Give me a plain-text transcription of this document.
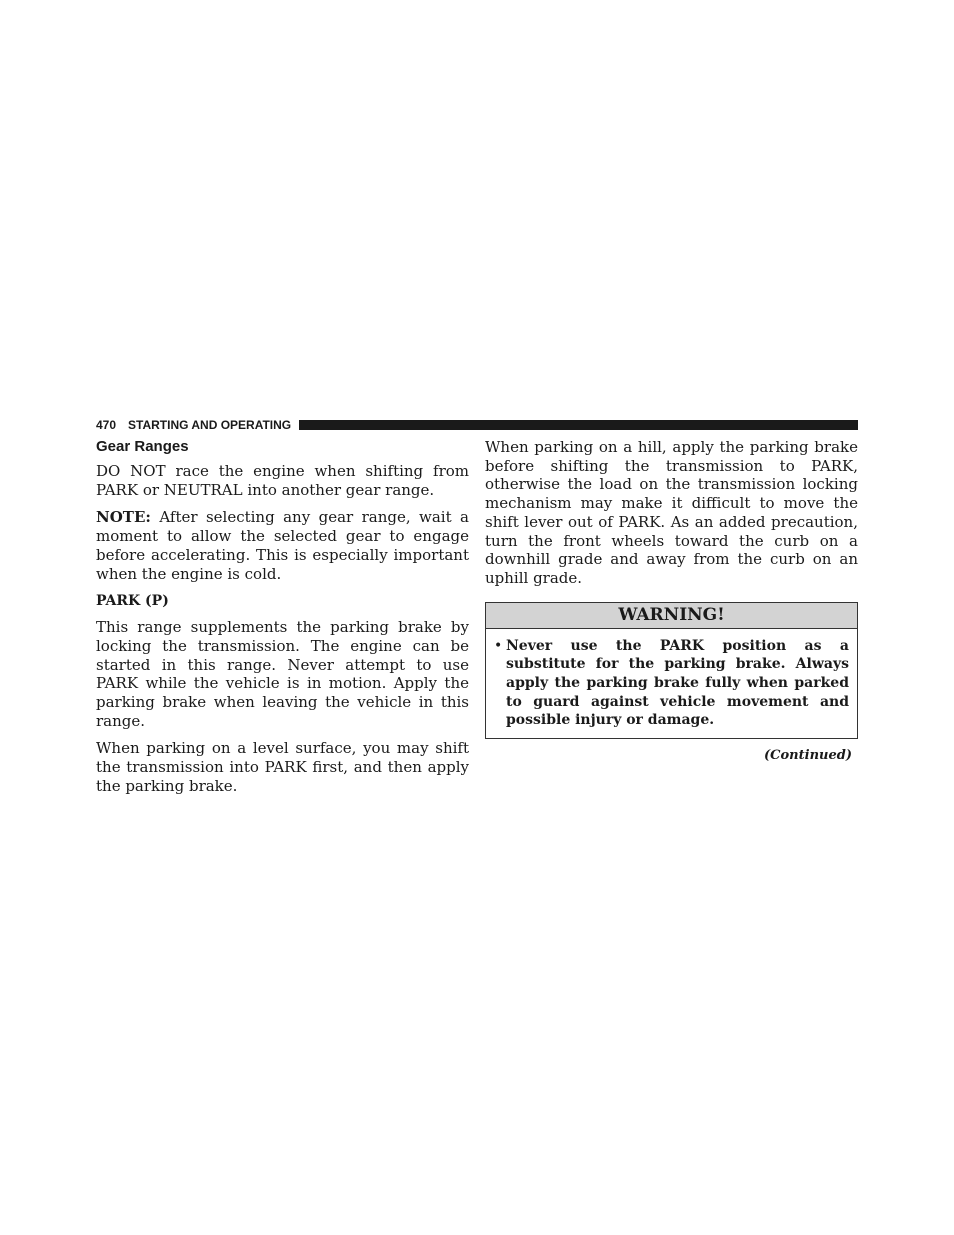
470 STARTING AND OPERATING
Gear Ranges

DO NOT race the engine when shifting from PARK or NEUTRAL into another gear range.

NOTE: After selecting any gear range, wait a moment to allow the selected gear to engage before accelerating. This is especially important when the engine is cold.

PARK (P)

This range supplements the parking brake by locking the transmission. The engine can be started in this range. Never attempt to use PARK while the vehicle is in motion. Apply the parking brake when leaving the vehicle in this range.

When parking on a level surface, you may shift the transmission into PARK first, and then apply the parking brake.

When parking on a hill, apply the parking brake before shifting the transmission to PARK, otherwise the load on the transmission locking mechanism may make it difficult to move the shift lever out of PARK. As an added precaution, turn the front wheels toward the curb on a downhill grade and away from the curb on an uphill grade.

WARNING!
• Never use the PARK position as a substitute for the parking brake. Always apply the parking brake fully when parked to guard against vehicle movement and possible injury or damage.
(Continued)
